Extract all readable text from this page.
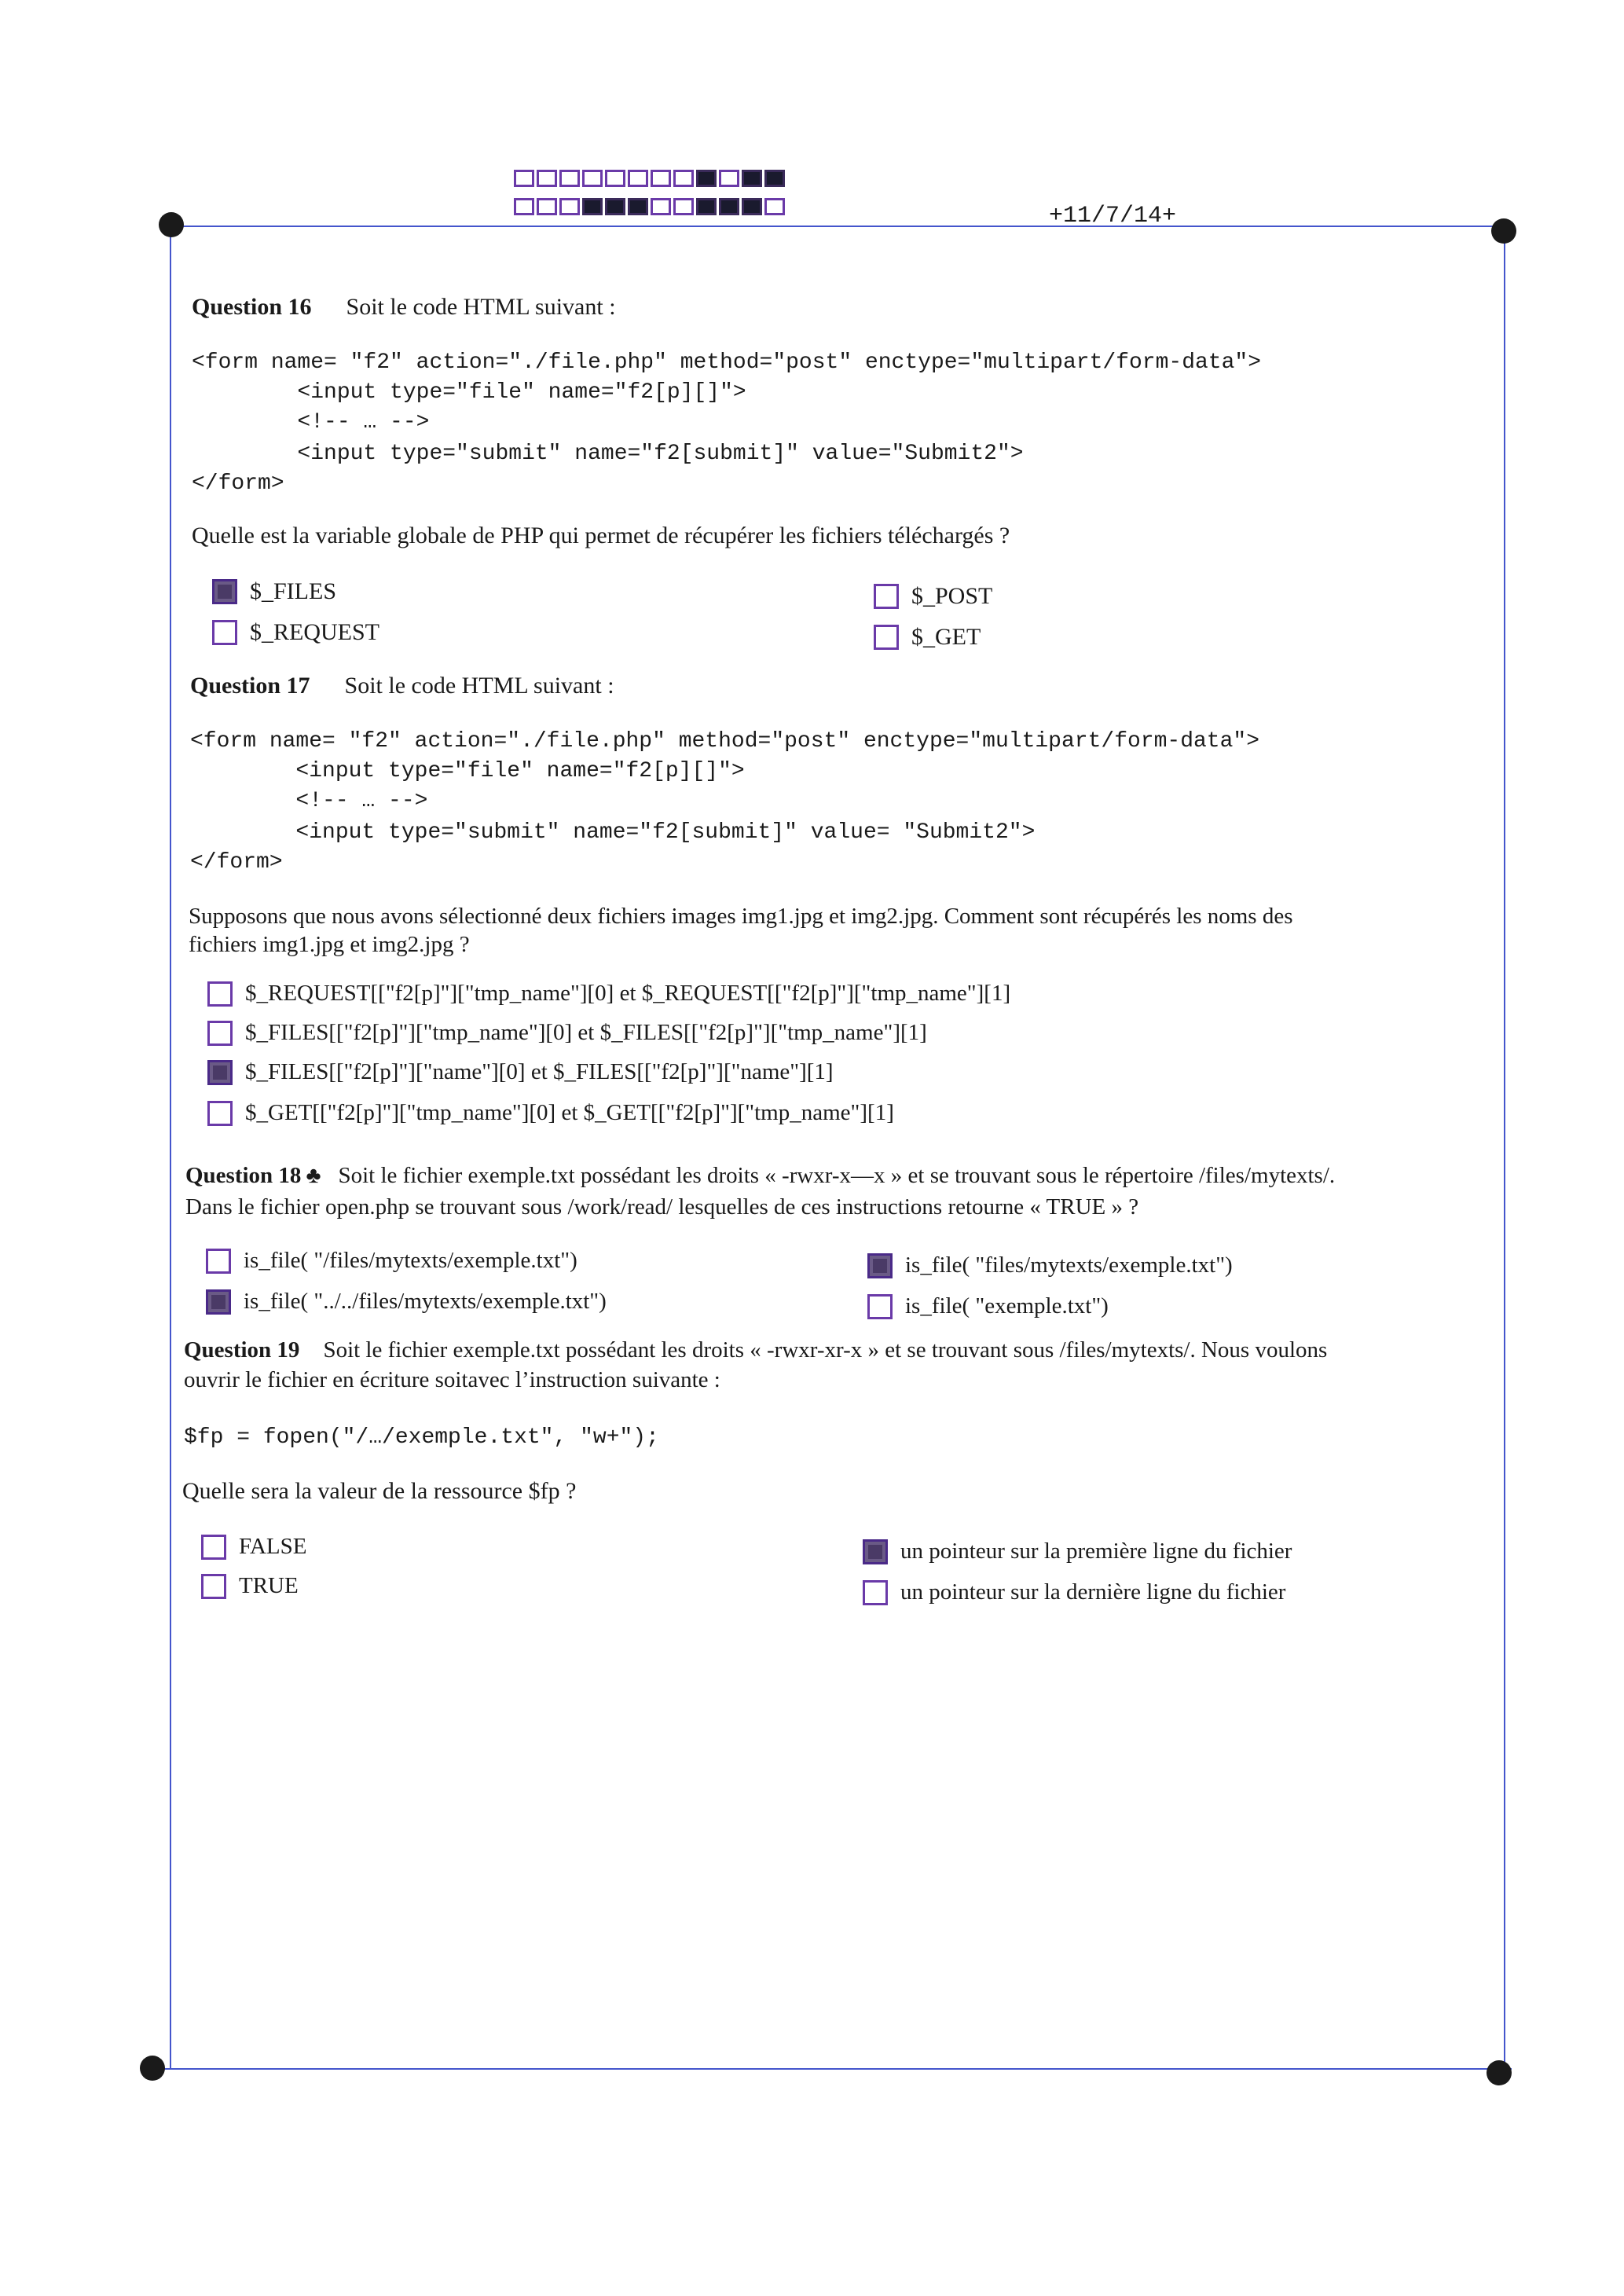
+11/7/14+
Question 16 Soit le code HTML suivant :
<form name= "f2" action="./file.php" method="post" enctype="multipart/form-data">
<input type="file" name="f2[p][]">
<!-- … -->
<input type="submit" name="f2[submit]" value="Submit2">
</form>
Quelle est la variable globale de PHP qui permet de récupérer les fichiers téléchargés ?
$_FILES	$_POST
$_REQUEST	$_GET
Question 17 Soit le code HTML suivant :
<form name= "f2" action="./file.php" method="post" enctype="multipart/form-data">
<input type="file" name="f2[p][]">
<!-- … -->
<input type="submit" name="f2[submit]" value= "Submit2">
</form>
Supposons que nous avons sélectionné deux fichiers images img1.jpg et img2.jpg. Comment sont récupérés les noms des
fichiers img1.jpg et img2.jpg ?
$_REQUEST[["f2[p]"]["tmp_name"][0] et $_REQUEST[["f2[p]"]["tmp_name"][1]
$_FILES[["f2[p]"]["tmp_name"][0] et $_FILES[["f2[p]"]["tmp_name"][1]
$_FILES[["f2[p]"]["name"][0] et $_FILES[["f2[p]"]["name"][1]
$_GET[["f2[p]"]["tmp_name"][0] et $_GET[["f2[p]"]["tmp_name"][1]
Question 18 ♣ Soit le fichier exemple.txt possédant les droits « -rwxr-x—x » et se trouvant sous le répertoire /files/mytexts/.
Dans le fichier open.php se trouvant sous /work/read/ lesquelles de ces instructions retourne « TRUE » ?
is_file( "/files/mytexts/exemple.txt")	is_file( "files/mytexts/exemple.txt")
is_file( "../../files/mytexts/exemple.txt")	is_file( "exemple.txt")
Question 19 Soit le fichier exemple.txt possédant les droits « -rwxr-xr-x » et se trouvant sous /files/mytexts/. Nous voulons
ouvrir le fichier en écriture soitavec l’instruction suivante :
$fp = fopen("/…/exemple.txt", "w+");
Quelle sera la valeur de la ressource $fp ?
FALSE	un pointeur sur la première ligne du fichier
TRUE	un pointeur sur la dernière ligne du fichier
